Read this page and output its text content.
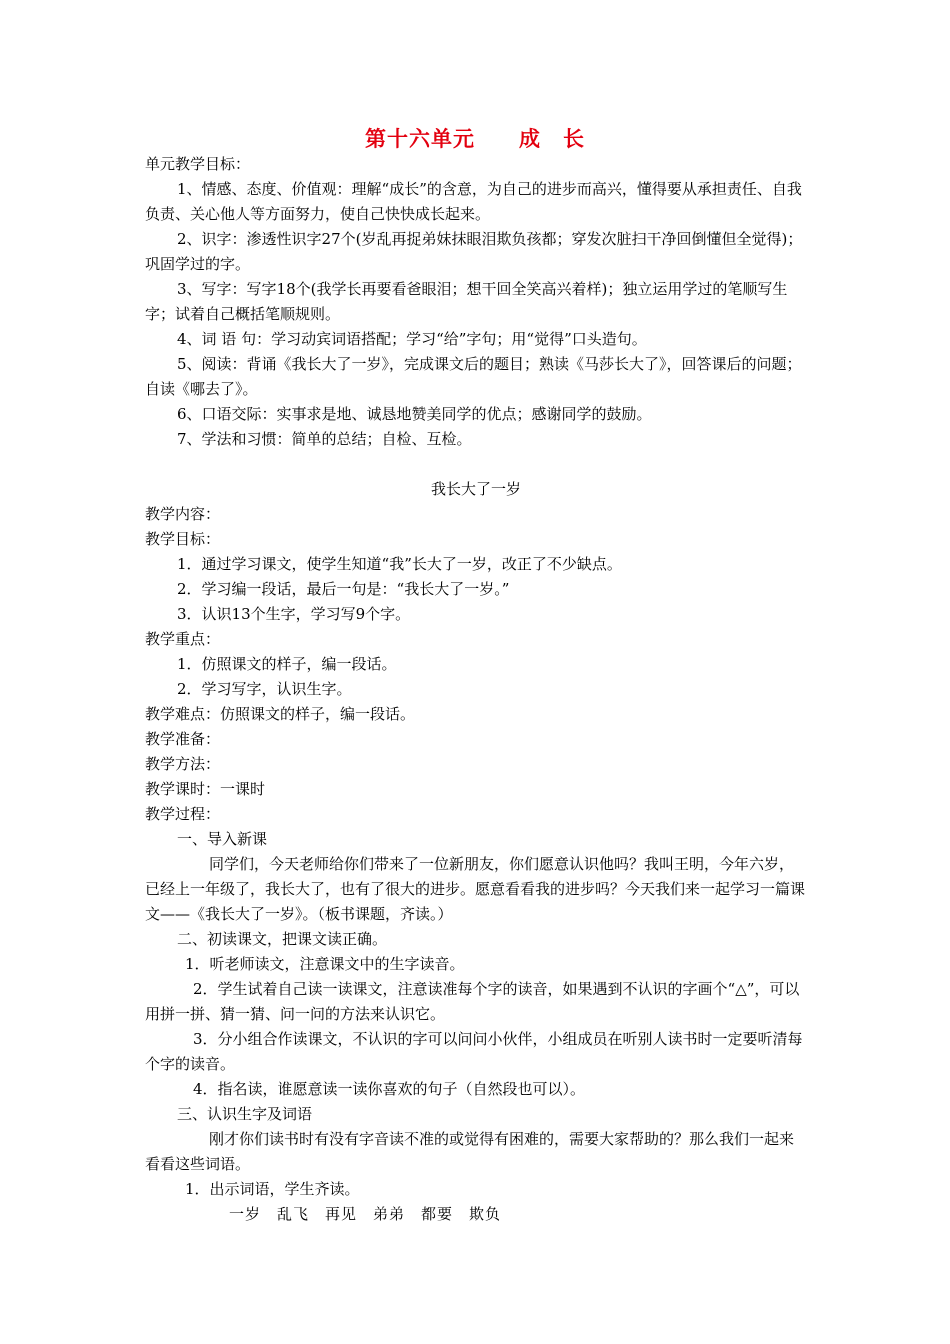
第十六单元　　成　长

单元教学目标：

1、情感、态度、价值观：理解“成长”的含意，为自己的进步而高兴，懂得要从承担责任、自我负责、关心他人等方面努力，使自己快快成长起来。

2、识字：渗透性识字27个(岁乱再捉弟妹抹眼泪欺负孩都；穿发次脏扫干净回倒懂但全觉得)；巩固学过的字。

3、写字：写字18个(我学长再要看爸眼泪；想干回全笑高兴着样)；独立运用学过的笔顺写生字；试着自己概括笔顺规则。

4、词 语 句：学习动宾词语搭配；学习“给”字句；用“觉得”口头造句。

5、阅读：背诵《我长大了一岁》，完成课文后的题目；熟读《马莎长大了》，回答课后的问题；自读《哪去了》。

6、口语交际：实事求是地、诚恳地赞美同学的优点；感谢同学的鼓励。

7、学法和习惯：简单的总结；自检、互检。

我长大了一岁

教学内容：

教学目标：

1．通过学习课文，使学生知道“我”长大了一岁，改正了不少缺点。

2．学习编一段话，最后一句是：“我长大了一岁。”

3．认识13个生字，学习写9个字。

教学重点：

1．仿照课文的样子，编一段话。

2．学习写字，认识生字。

教学难点：仿照课文的样子，编一段话。

教学准备：

教学方法：

教学课时：一课时

教学过程：

一、导入新课

同学们，今天老师给你们带来了一位新朋友，你们愿意认识他吗？我叫王明，今年六岁，已经上一年级了，我长大了，也有了很大的进步。愿意看看我的进步吗？今天我们来一起学习一篇课文——《我长大了一岁》。（板书课题，齐读。）

二、初读课文，把课文读正确。

1．听老师读文，注意课文中的生字读音。

2．学生试着自己读一读课文，注意读准每个字的读音，如果遇到不认识的字画个“△”，可以用拼一拼、猜一猜、问一问的方法来认识它。

3．分小组合作读课文，不认识的字可以问问小伙伴，小组成员在听别人读书时一定要听清每个字的读音。

4．指名读，谁愿意读一读你喜欢的句子（自然段也可以）。

三、认识生字及词语

刚才你们读书时有没有字音读不准的或觉得有困难的，需要大家帮助的？那么我们一起来看看这些词语。

1．出示词语，学生齐读。

一岁　乱飞　再见　弟弟　都要　欺负
